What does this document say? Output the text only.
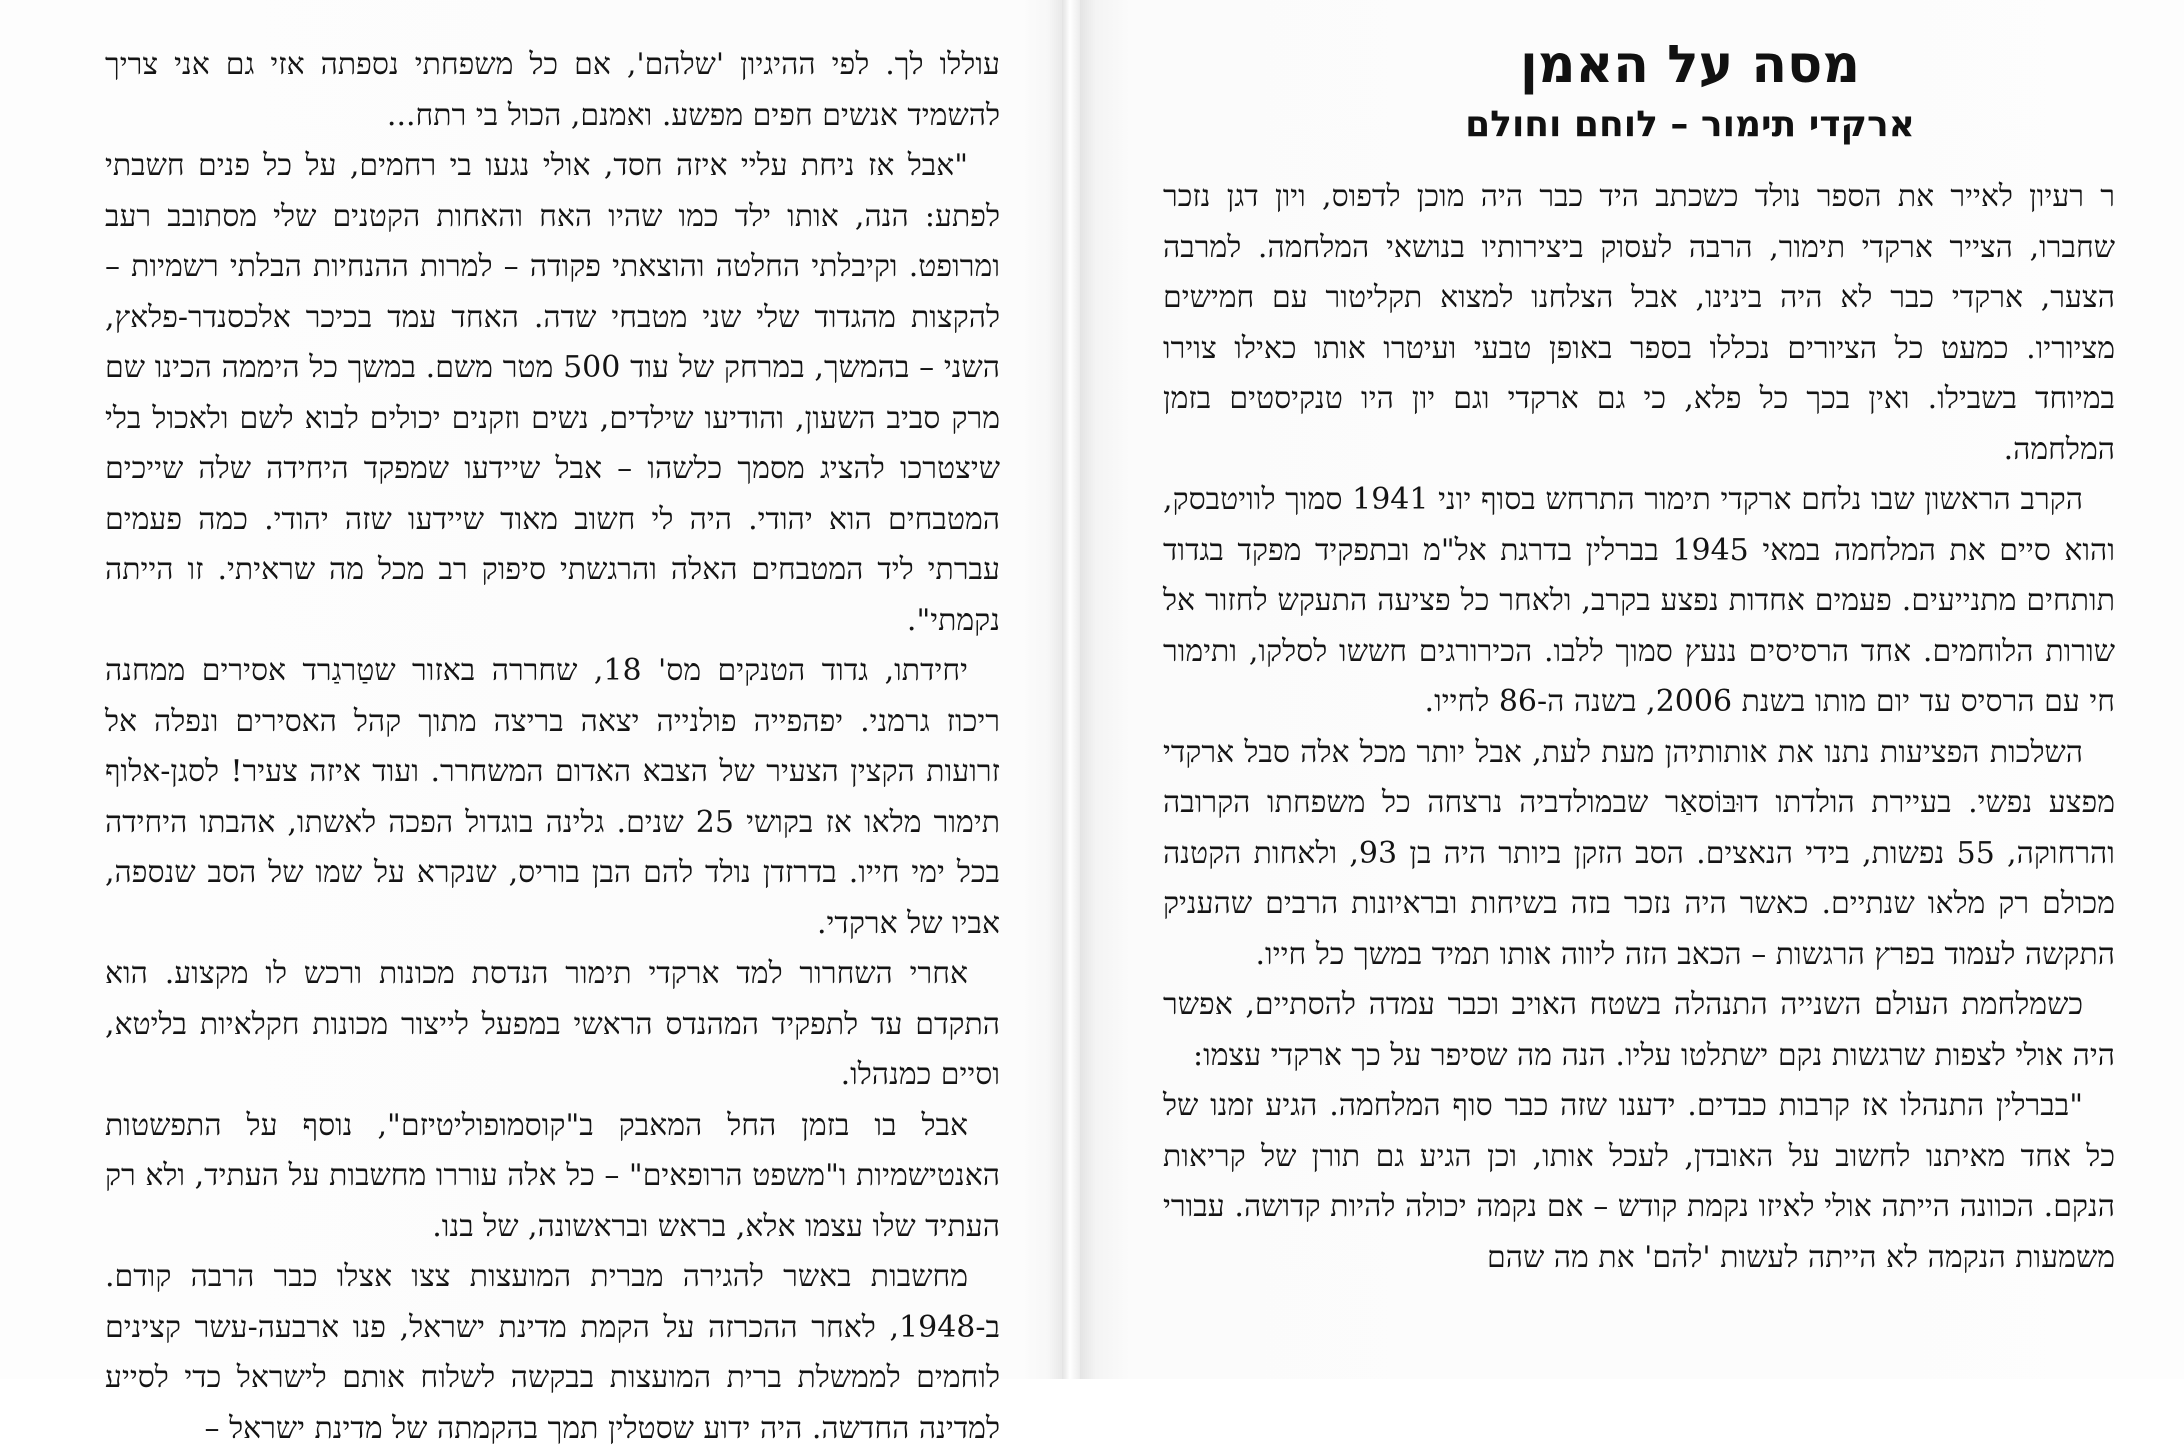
עוללו לך. לפי ההיגיון 'שלהם', אם כל משפחתי נספתה אזי גם אני צריך להשמיד אנשים חפים מפשע. ואמנם, הכול בי רתח...

"אבל אז ניחת עליי איזה חסד, אולי נגעו בי רחמים, על כל פנים חשבתי לפתע: הנה, אותו ילד כמו שהיו האח והאחות הקטנים שלי מסתובב רעב ומרופט. וקיבלתי החלטה והוצאתי פקודה – למרות ההנחיות הבלתי רשמיות – להקצות מהגדוד שלי שני מטבחי שדה. האחד עמד בכיכר אלכסנדר-פלאץ, השני – בהמשך, במרחק של עוד 500 מטר משם. במשך כל היממה הכינו שם מרק סביב השעון, והודיעו שילדים, נשים וזקנים יכולים לבוא לשם ולאכול בלי שיצטרכו להציג מסמך כלשהו – אבל שיידעו שמפקד היחידה שלה שייכים המטבחים הוא יהודי. היה לי חשוב מאוד שיידעו שזה יהודי. כמה פעמים עברתי ליד המטבחים האלה והרגשתי סיפוק רב מכל מה שראיתי. זו הייתה נקמתי".

יחידתו, גדוד הטנקים מס' 18, שחררה באזור שטַרגַרד אסירים ממחנה ריכוז גרמני. יפהפייה פולנייה יצאה בריצה מתוך קהל האסירים ונפלה אל זרועות הקצין הצעיר של הצבא האדום המשחרר. ועוד איזה צעיר! לסגן-אלוף תימור מלאו אז בקושי 25 שנים. גלינה בוגדול הפכה לאשתו, אהבתו היחידה בכל ימי חייו. בדרזדן נולד להם הבן בוריס, שנקרא על שמו של הסב שנספה, אביו של ארקדי.

אחרי השחרור למד ארקדי תימור הנדסת מכונות ורכש לו מקצוע. הוא התקדם עד לתפקיד המהנדס הראשי במפעל לייצור מכונות חקלאיות בליטא, וסיים כמנהלו.

אבל בו בזמן החל המאבק ב"קוסמופוליטיזם", נוסף על התפשטות האנטישמיות ו"משפט הרופאים" – כל אלה עוררו מחשבות על העתיד, ולא רק העתיד שלו עצמו אלא, בראש ובראשונה, של בנו.

מחשבות באשר להגירה מברית המועצות צצו אצלו כבר הרבה קודם. ב-1948, לאחר ההכרזה על הקמת מדינת ישראל, פנו ארבעה-עשר קצינים לוחמים לממשלת ברית המועצות בבקשה לשלוח אותם לישראל כדי לסייע למדינה החדשה. היה ידוע שסטלין תמך בהקמתה של מדינת ישראל –

מסה על האמן
ארקדי תימור – לוחם וחולם

ר רעיון לאייר את הספר נולד כשכתב היד כבר היה מוכן לדפוס, ויון דגן נזכר שחברו, הצייר ארקדי תימור, הרבה לעסוק ביצירותיו בנושאי המלחמה. למרבה הצער, ארקדי כבר לא היה בינינו, אבל הצלחנו למצוא תקליטור עם חמישים מציוריו. כמעט כל הציורים נכללו בספר באופן טבעי ועיטרו אותו כאילו צוירו במיוחד בשבילו. ואין בכך כל פלא, כי גם ארקדי וגם יון היו טנקיסטים בזמן המלחמה.

הקרב הראשון שבו נלחם ארקדי תימור התרחש בסוף יוני 1941 סמוך לוויטבסק, והוא סיים את המלחמה במאי 1945 בברלין בדרגת אל"מ ובתפקיד מפקד בגדוד תותחים מתנייעים. פעמים אחדות נפצע בקרב, ולאחר כל פציעה התעקש לחזור אל שורות הלוחמים. אחד הרסיסים ננעץ סמוך ללבו. הכירורגים חששו לסלקו, ותימור חי עם הרסיס עד יום מותו בשנת 2006, בשנה ה-86 לחייו.

השלכות הפציעות נתנו את אותותיהן מעת לעת, אבל יותר מכל אלה סבל ארקדי מפצע נפשי. בעיירת הולדתו דוּבּוֹסאַר שבמולדביה נרצחה כל משפחתו הקרובה והרחוקה, 55 נפשות, בידי הנאצים. הסב הזקן ביותר היה בן 93, ולאחות הקטנה מכולם רק מלאו שנתיים. כאשר היה נזכר בזה בשיחות ובראיונות הרבים שהעניק התקשה לעמוד בפרץ הרגשות – הכאב הזה ליווה אותו תמיד במשך כל חייו.

כשמלחמת העולם השנייה התנהלה בשטח האויב וכבר עמדה להסתיים, אפשר היה אולי לצפות שרגשות נקם ישתלטו עליו. הנה מה שסיפר על כך ארקדי עצמו:

"בברלין התנהלו אז קרבות כבדים. ידענו שזה כבר סוף המלחמה. הגיע זמנו של כל אחד מאיתנו לחשוב על האובדן, לעכל אותו, וכן הגיע גם תורן של קריאות הנקם. הכוונה הייתה אולי לאיזו נקמת קודש – אם נקמה יכולה להיות קדושה. עבורי משמעות הנקמה לא הייתה לעשות 'להם' את מה שהם
